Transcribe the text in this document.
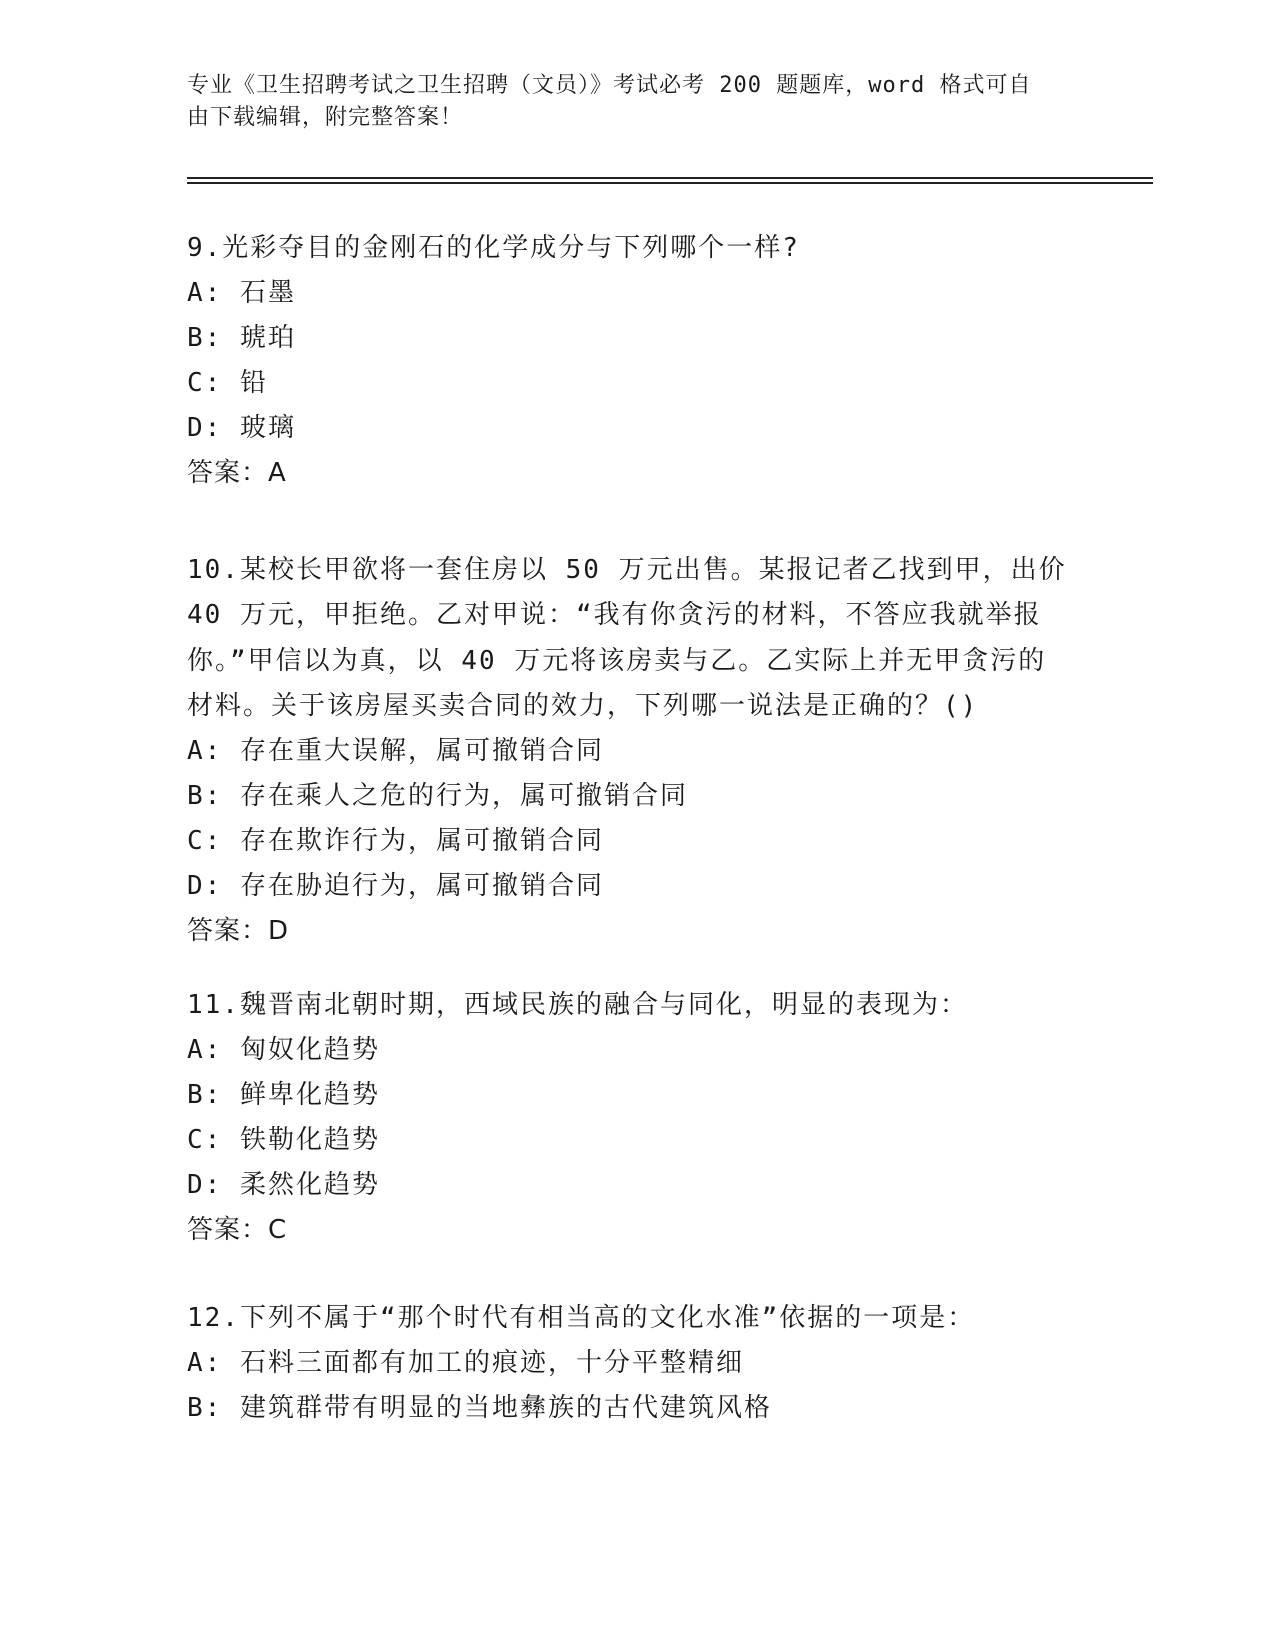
专业《卫生招聘考试之卫生招聘（文员）》考试必考 200 题题库，word 格式可自
由下载编辑，附完整答案！
9.光彩夺目的金刚石的化学成分与下列哪个一样?
A: 石墨
B: 琥珀
C: 铅
D: 玻璃
答案：A
10.某校长甲欲将一套住房以 50 万元出售。某报记者乙找到甲，出价
40 万元，甲拒绝。乙对甲说：“我有你贪污的材料，不答应我就举报
你。”甲信以为真，以 40 万元将该房卖与乙。乙实际上并无甲贪污的
材料。关于该房屋买卖合同的效力，下列哪一说法是正确的？()
A: 存在重大误解，属可撤销合同
B: 存在乘人之危的行为，属可撤销合同
C: 存在欺诈行为，属可撤销合同
D: 存在胁迫行为，属可撤销合同
答案：D
11.魏晋南北朝时期，西域民族的融合与同化，明显的表现为：
A: 匈奴化趋势
B: 鲜卑化趋势
C: 铁勒化趋势
D: 柔然化趋势
答案：C
12.下列不属于“那个时代有相当高的文化水准”依据的一项是：
A: 石料三面都有加工的痕迹，十分平整精细
B: 建筑群带有明显的当地彝族的古代建筑风格
